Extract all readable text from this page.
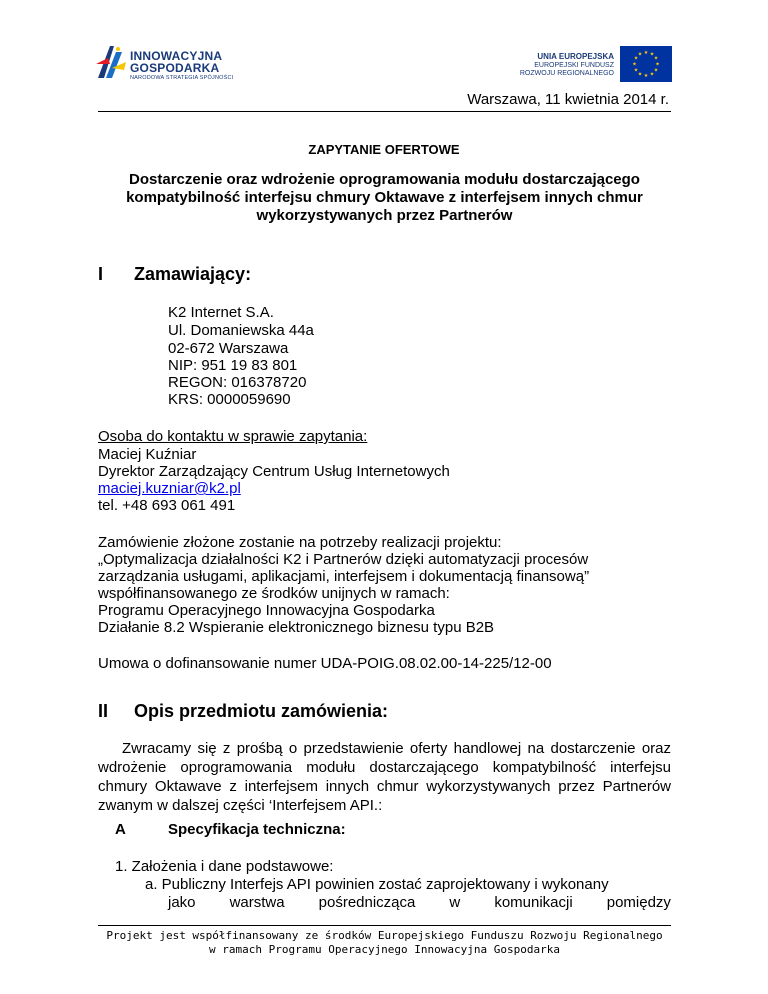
INNOWACYJNA
GOSPODARKA
NARODOWA STRATEGIA SPÓJNOŚCI
UNIA EUROPEJSKA
EUROPEJSKI FUNDUSZ
ROZWOJU REGIONALNEGO
★ ★
★
★
★
★
★
★
★
★
★
★
Warszawa, 11 kwietnia 2014 r.
ZAPYTANIE OFERTOWE
Dostarczenie oraz wdrożenie oprogramowania modułu dostarczającego
kompatybilność interfejsu chmury Oktawave z interfejsem innych chmur
wykorzystywanych przez Partnerów
I Zamawiający:
K2 Internet S.A.
Ul. Domaniewska 44a
02-672 Warszawa
NIP: 951 19 83 801
REGON: 016378720
KRS: 0000059690
Osoba do kontaktu w sprawie zapytania:
Maciej Kuźniar
Dyrektor Zarządzający Centrum Usług Internetowych
maciej.kuzniar@k2.pl
tel. +48 693 061 491
Zamówienie złożone zostanie na potrzeby realizacji projektu:
„Optymalizacja działalności K2 i Partnerów dzięki automatyzacji procesów
zarządzania usługami, aplikacjami, interfejsem i dokumentacją finansową”
współfinansowanego ze środków unijnych w ramach:
Programu Operacyjnego Innowacyjna Gospodarka
Działanie 8.2 Wspieranie elektronicznego biznesu typu B2B
Umowa o dofinansowanie numer UDA-POIG.08.02.00-14-225/12-00
II Opis przedmiotu zamówienia:
Zwracamy się z prośbą o przedstawienie oferty handlowej na dostarczenie oraz wdrożenie oprogramowania modułu dostarczającego kompatybilność interfejsu chmury Oktawave z interfejsem innych chmur wykorzystywanych przez Partnerów zwanym w dalszej części ‘Interfejsem API.:
A	Specyfikacja techniczna:
1. Założenia i dane podstawowe:
a. Publiczny Interfejs API powinien zostać zaprojektowany i wykonany
jako warstwa pośrednicząca w komunikacji pomiędzy
Projekt jest współfinansowany ze środków Europejskiego Funduszu Rozwoju Regionalnego
w ramach Programu Operacyjnego Innowacyjna Gospodarka
